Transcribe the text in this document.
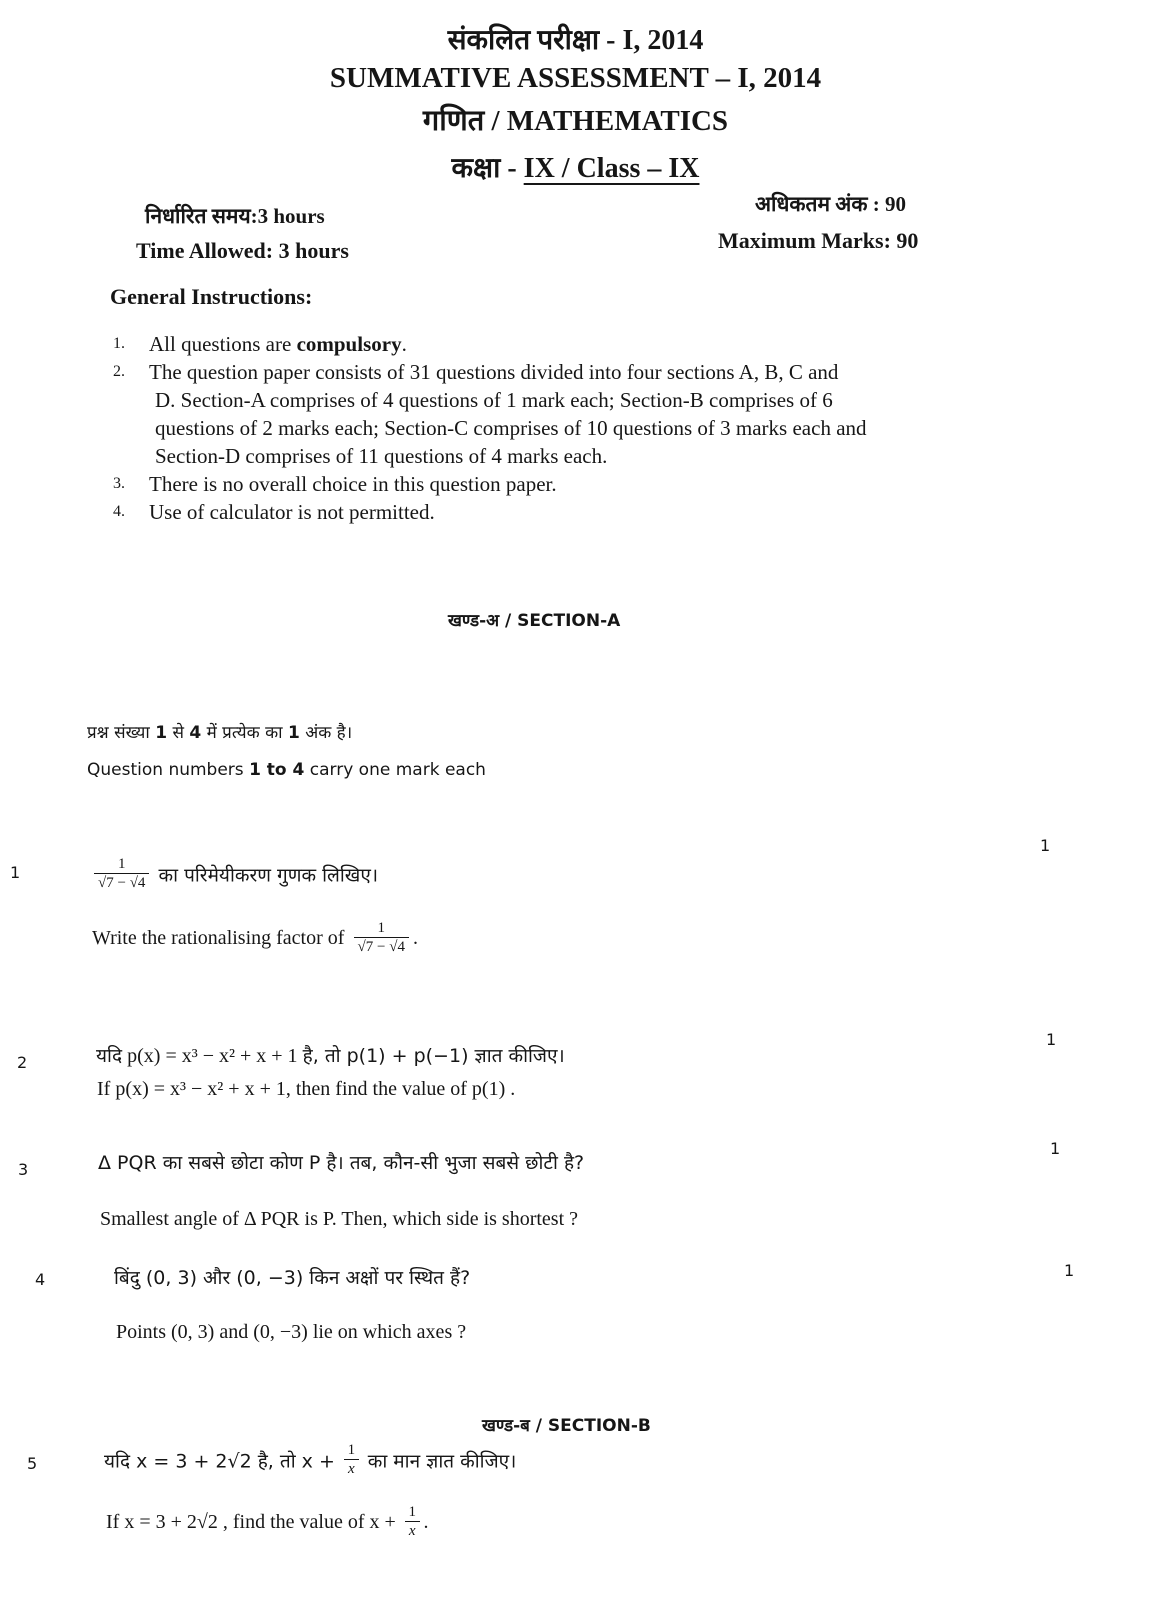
संकलित परीक्षा - I, 2014
SUMMATIVE ASSESSMENT – I, 2014
गणित / MATHEMATICS
कक्षा - IX / Class – IX
निर्धारित समय:3 hours
Time Allowed: 3 hours
अधिकतम अंक : 90
Maximum Marks: 90
General Instructions:
1. All questions are compulsory.
2. The question paper consists of 31 questions divided into four sections A, B, C and
D. Section-A comprises of 4 questions of 1 mark each; Section-B comprises of 6
questions of 2 marks each; Section-C comprises of 10 questions of 3 marks each and
Section-D comprises of 11 questions of 4 marks each.
3. There is no overall choice in this question paper.
4. Use of calculator is not permitted.
खण्ड-अ / SECTION-A
प्रश्न संख्या 1 से 4 में प्रत्येक का 1 अंक है।
Question numbers 1 to 4 carry one mark each
1
1
$\frac{1}{√7 - √4}$ का परिमेयीकरण गुणक लिखिए।
Write the rationalising factor of $\frac{1}{√7 - √4}$ .
2
1
यदि p(x) = x³ − x² + x + 1 है, तो p(1) + p(−1) ज्ञात कीजिए।
If p(x) = x³ − x² + x + 1, then find the value of p(1) .
3
1
Δ PQR का सबसे छोटा कोण P है। तब, कौन-सी भुजा सबसे छोटी है?
Smallest angle of Δ PQR is P. Then, which side is shortest ?
4	1
बिंदु (0, 3) और (0, −3) किन अक्षों पर स्थित हैं?
Points (0, 3) and (0, −3) lie on which axes ?
खण्ड-ब / SECTION-B
5	यदि x = 3 + 2√2 है, तो $x + \frac{1}{x}$ का मान ज्ञात कीजिए।
If x = 3 + 2√2 , find the value of $x + \frac{1}{x}$ .
